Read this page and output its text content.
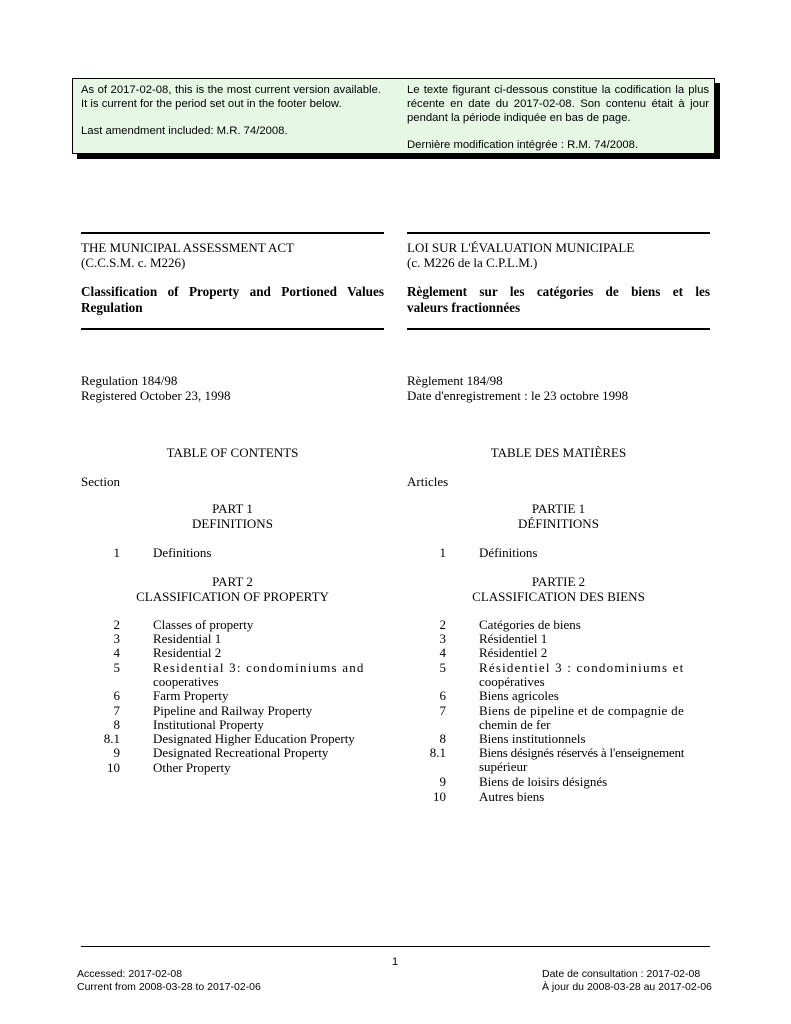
As of 2017-02-08, this is the most current version available. It is current for the period set out in the footer below.

Last amendment included: M.R. 74/2008.

Le texte figurant ci-dessous constitue la codification la plus récente en date du 2017-02-08. Son contenu était à jour pendant la période indiquée en bas de page.

Dernière modification intégrée : R.M. 74/2008.

THE MUNICIPAL ASSESSMENT ACT
(C.C.S.M. c. M226)
Classification of Property and Portioned Values
Regulation
Regulation 184/98
Registered October 23, 1998
TABLE OF CONTENTS
Section
PART 1
DEFINITIONS
1	Definitions
PART 2
CLASSIFICATION OF PROPERTY
2	Classes of property
3	Residential 1
4	Residential 2
5	Residential 3: condominiums and
cooperatives
6	Farm Property
7	Pipeline and Railway Property
8	Institutional Property
8.1	Designated Higher Education Property
9	Designated Recreational Property
10	Other Property
LOI SUR L'ÉVALUATION MUNICIPALE
(c. M226 de la C.P.L.M.)
Règlement sur les catégories de biens et les
valeurs fractionnées
Règlement 184/98
Date d'enregistrement : le 23 octobre 1998
TABLE DES MATIÈRES
Articles
PARTIE 1
DÉFINITIONS
1	Définitions
PARTIE 2
CLASSIFICATION DES BIENS
2	Catégories de biens
3	Résidentiel 1
4	Résidentiel 2
5	Résidentiel 3 : condominiums et
coopératives
6	Biens agricoles
7	Biens de pipeline et de compagnie de
chemin de fer
8	Biens institutionnels
8.1	Biens désignés réservés à l'enseignement
supérieur
9	Biens de loisirs désignés
10	Autres biens
1
Accessed: 2017-02-08
Current from 2008-03-28 to 2017-02-06
Date de consultation : 2017-02-08
À jour du 2008-03-28 au 2017-02-06
